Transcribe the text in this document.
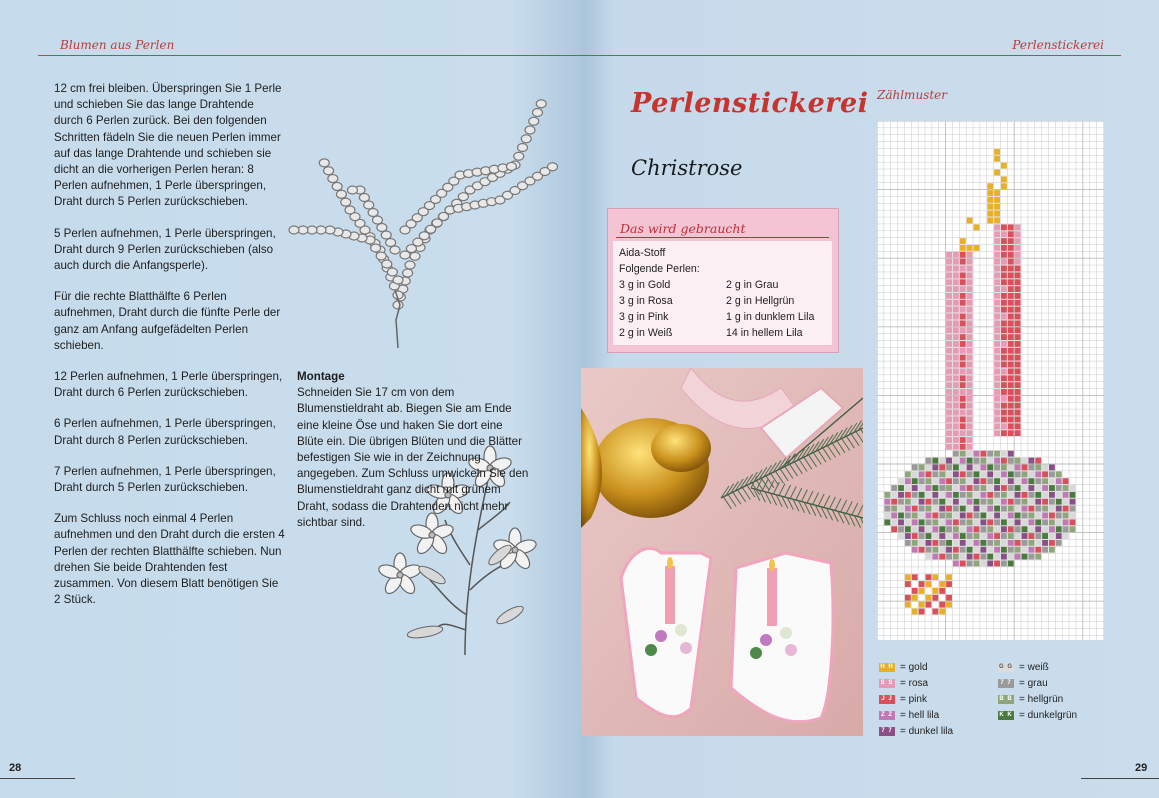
Blumen aus Perlen

12 cm frei bleiben. Überspringen Sie 1 Perle und schieben Sie das lange Drahtende durch 6 Perlen zurück. Bei den folgenden Schritten fädeln Sie die neuen Perlen immer auf das lange Drahtende und schieben sie dicht an die vorherigen Perlen heran: 8 Perlen aufnehmen, 1 Perle überspringen, Draht durch 5 Perlen zurückschieben.

5 Perlen aufnehmen, 1 Perle überspringen, Draht durch 9 Perlen zurückschieben (also auch durch die Anfangsperle).

Für die rechte Blatthälfte 6 Perlen aufnehmen, Draht durch die fünfte Perle der ganz am Anfang aufgefädelten Perlen schieben.

12 Perlen aufnehmen, 1 Perle überspringen, Draht durch 6 Perlen zurückschieben.

6 Perlen aufnehmen, 1 Perle überspringen, Draht durch 8 Perlen zurückschieben.

7 Perlen aufnehmen, 1 Perle überspringen, Draht durch 5 Perlen zurückschieben.

Zum Schluss noch einmal 4 Perlen aufnehmen und den Draht durch die ersten 4 Perlen der rechten Blatthälfte schieben. Nun drehen Sie beide Drahtenden fest zusammen. Von diesem Blatt benötigen Sie 2 Stück.

Montage
Schneiden Sie 17 cm von dem Blumenstieldraht ab. Biegen Sie am Ende eine kleine Öse und haken Sie dort eine Blüte ein. Die übrigen Blüten und die Blätter befestigen Sie wie in der Zeichnung angegeben. Zum Schluss umwickeln Sie den Blumenstieldraht ganz dicht mit grünem Draht, sodass die Drahtenden nicht mehr sichtbar sind.
28
Perlenstickerei
Perlenstickerei
Christrose
Zählmuster
Das wird gebraucht
Aida-Stoff
Folgende Perlen:
3 g in Gold
3 g in Rosa
3 g in Pink
2 g in Weiß
2 g in Grau
2 g in Hellgrün
1 g in dunklem Lila
14 in hellem Lila
H H = gold
S S = rosa
J J = pink
Z Z = hell lila
7 7 = dunkel lila
G G = weiß
7 7 = grau
B B = hellgrün
K K = dunkelgrün
29
